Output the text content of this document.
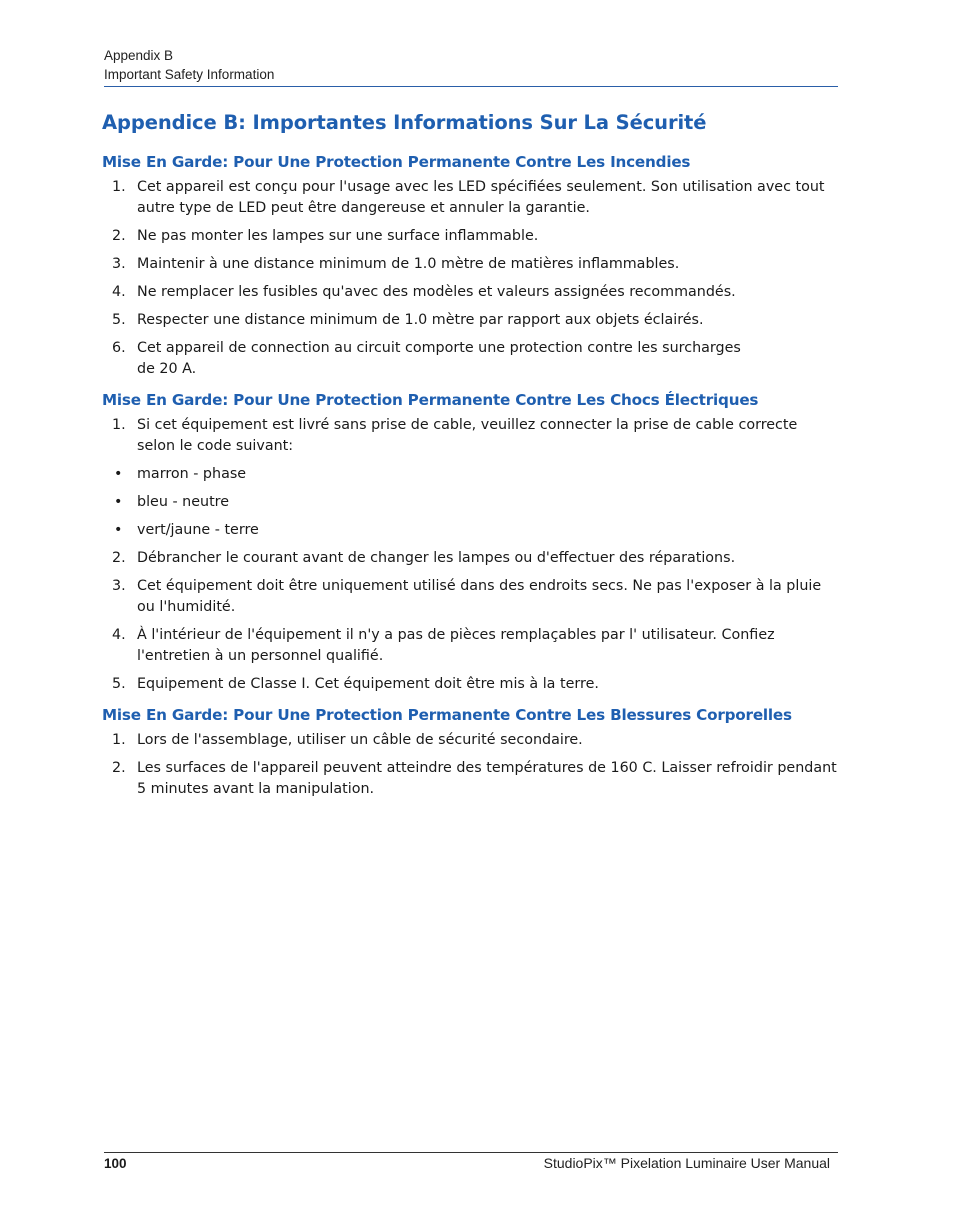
Appendix B
Important Safety Information
Appendice B: Importantes Informations Sur La Sécurité
Mise En Garde: Pour Une Protection Permanente Contre Les Incendies
1. Cet appareil est conçu pour l'usage avec les LED spécifiées seulement. Son utilisation avec tout autre type de LED peut être dangereuse et annuler la garantie.
2. Ne pas monter les lampes sur une surface inflammable.
3. Maintenir à une distance minimum de 1.0 mètre de matières inflammables.
4. Ne remplacer les fusibles qu'avec des modèles et valeurs assignées recommandés.
5. Respecter une distance minimum de 1.0 mètre par rapport aux objets éclairés.
6. Cet appareil de connection au circuit comporte une protection contre les surcharges
de 20 A.
Mise En Garde: Pour Une Protection Permanente Contre Les Chocs Électriques
1. Si cet équipement est livré sans prise de cable, veuillez connecter la prise de cable correcte selon le code suivant:
• marron - phase
• bleu - neutre
• vert/jaune - terre
2. Débrancher le courant avant de changer les lampes ou d'effectuer des réparations.
3. Cet équipement doit être uniquement utilisé dans des endroits secs. Ne pas l'exposer à la pluie ou l'humidité.
4. À l'intérieur de l'équipement il n'y a pas de pièces remplaçables par l' utilisateur. Confiez l'entretien à un personnel qualifié.
5. Equipement de Classe I. Cet équipement doit être mis à la terre.
Mise En Garde: Pour Une Protection Permanente Contre Les Blessures Corporelles
1. Lors de l'assemblage, utiliser un câble de sécurité secondaire.
2. Les surfaces de l'appareil peuvent atteindre des températures de 160 C. Laisser refroidir pendant 5 minutes avant la manipulation.
100	StudioPix™ Pixelation Luminaire User Manual
